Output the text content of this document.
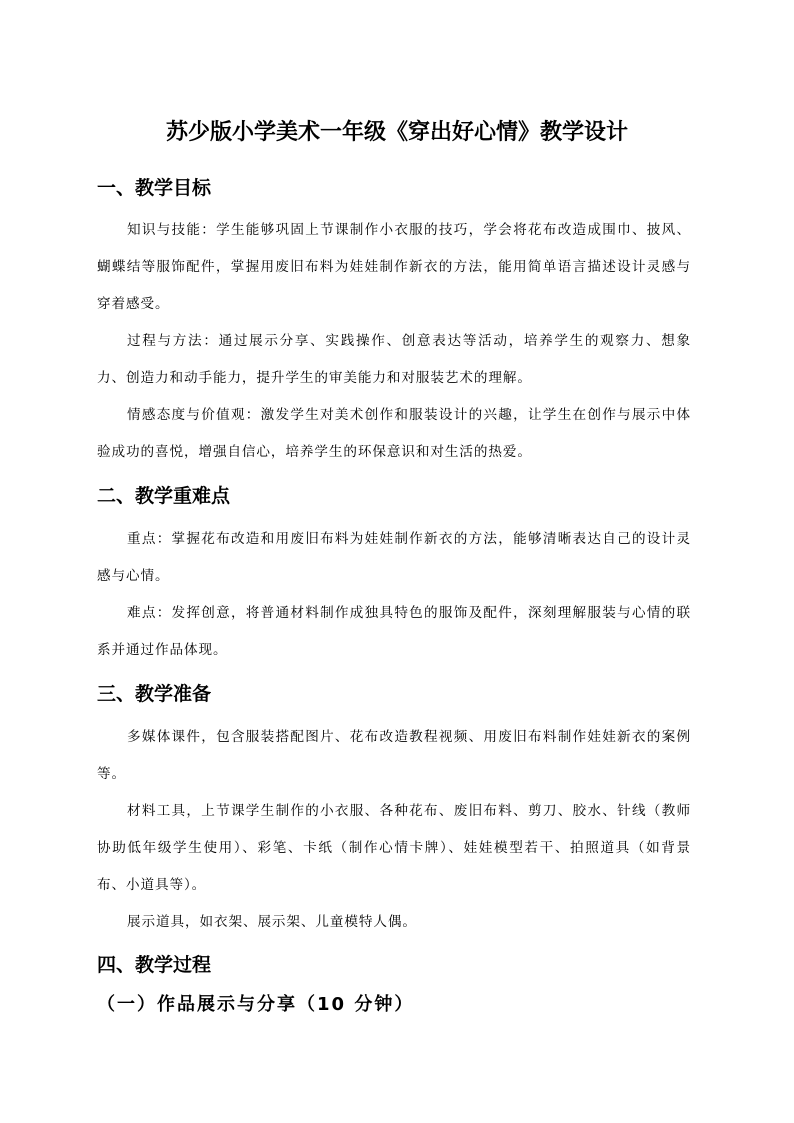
苏少版小学美术一年级《穿出好心情》教学设计
一、教学目标

知识与技能：学生能够巩固上节课制作小衣服的技巧，学会将花布改造成围巾、披风、蝴蝶结等服饰配件，掌握用废旧布料为娃娃制作新衣的方法，能用简单语言描述设计灵感与穿着感受。

过程与方法：通过展示分享、实践操作、创意表达等活动，培养学生的观察力、想象力、创造力和动手能力，提升学生的审美能力和对服装艺术的理解。

情感态度与价值观：激发学生对美术创作和服装设计的兴趣，让学生在创作与展示中体验成功的喜悦，增强自信心，培养学生的环保意识和对生活的热爱。

二、教学重难点

重点：掌握花布改造和用废旧布料为娃娃制作新衣的方法，能够清晰表达自己的设计灵感与心情。

难点：发挥创意，将普通材料制作成独具特色的服饰及配件，深刻理解服装与心情的联系并通过作品体现。

三、教学准备

多媒体课件，包含服装搭配图片、花布改造教程视频、用废旧布料制作娃娃新衣的案例等。

材料工具，上节课学生制作的小衣服、各种花布、废旧布料、剪刀、胶水、针线（教师协助低年级学生使用）、彩笔、卡纸（制作心情卡牌）、娃娃模型若干、拍照道具（如背景布、小道具等）。

展示道具，如衣架、展示架、儿童模特人偶。

四、教学过程
（一）作品展示与分享（10 分钟）
